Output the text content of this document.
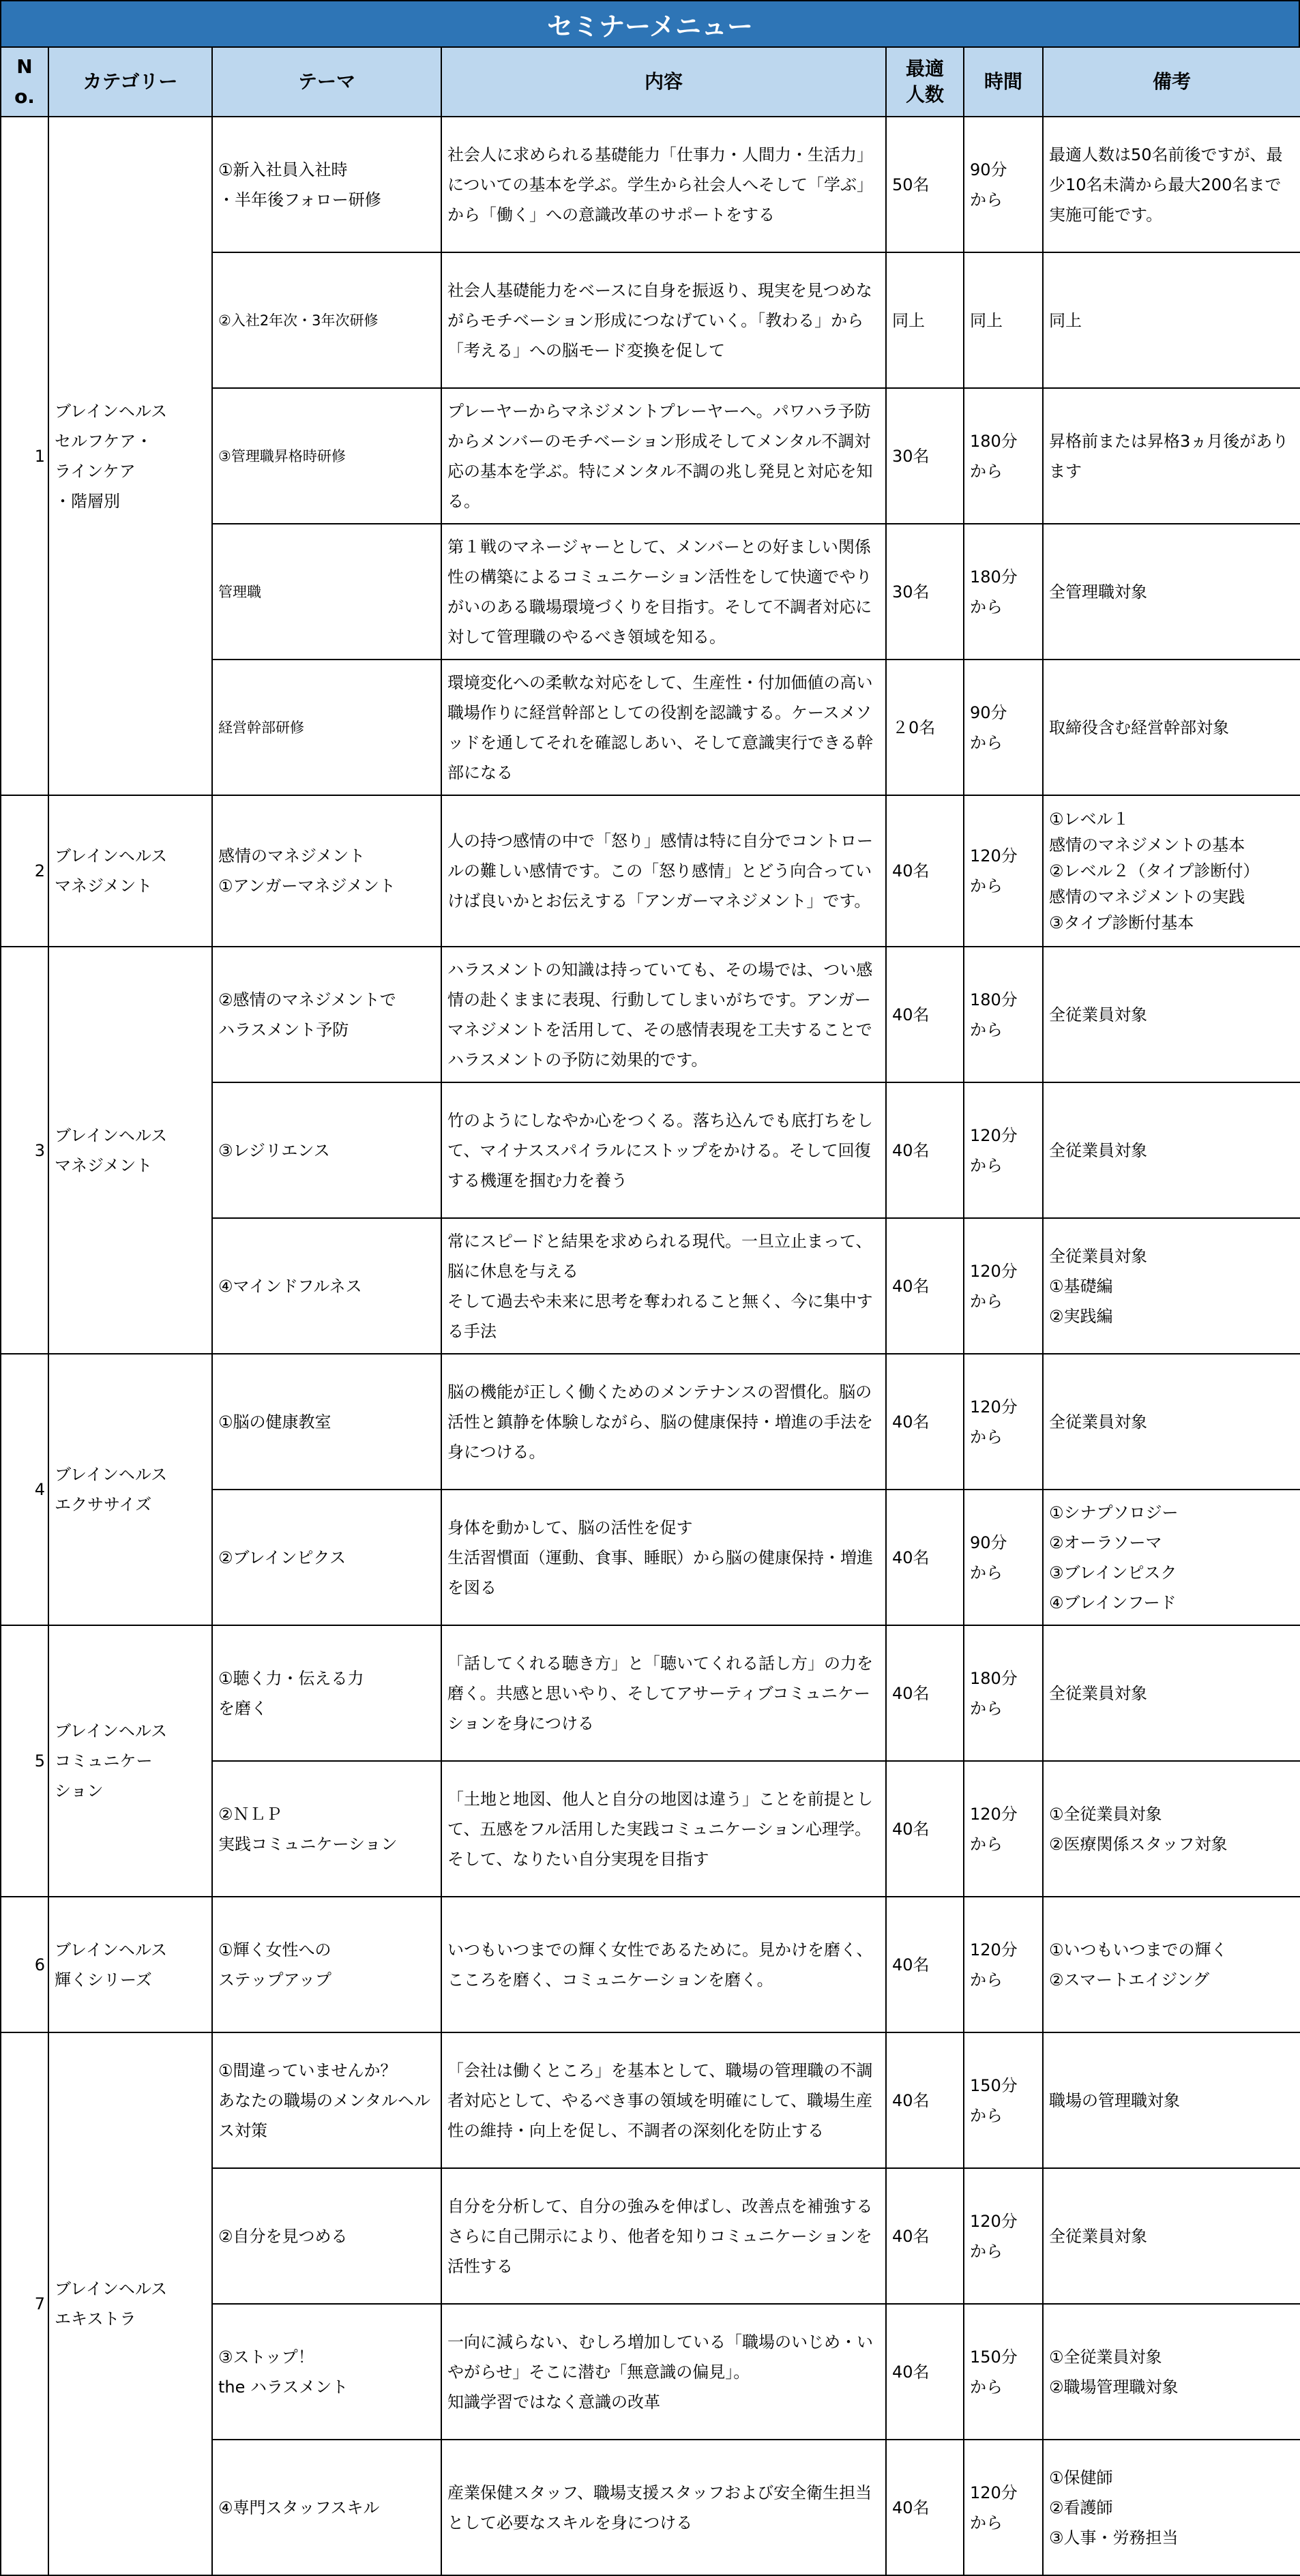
セミナーメニュー
No.	カテゴリー	テーマ	内容	最適
人数	時間	備考
1	ブレインヘルス
セルフケア・
ラインケア
・階層別	①新入社員入社時
・半年後フォロー研修	社会人に求められる基礎能力「仕事力・人間力・生活力」についての基本を学ぶ。学生から社会人へそして「学ぶ」から「働く」への意識改革のサポートをする	50名	90分
から	最適人数は50名前後ですが、最少10名未満から最大200名まで実施可能です。
		②入社2年次・3年次研修	社会人基礎能力をベースに自身を振返り、現実を見つめながらモチベーション形成につなげていく。「教わる」から「考える」への脳モード変換を促して	同上	同上	同上
		③管理職昇格時研修	プレーヤーからマネジメントプレーヤーへ。パワハラ予防からメンバーのモチベーション形成そしてメンタル不調対応の基本を学ぶ。特にメンタル不調の兆し発見と対応を知る。	30名	180分
から	昇格前または昇格3ヵ月後があります
		管理職	第１戦のマネージャーとして、メンバーとの好ましい関係性の構築によるコミュニケーション活性をして快適でやりがいのある職場環境づくりを目指す。そして不調者対応に対して管理職のやるべき領域を知る。	30名	180分
から	全管理職対象
		経営幹部研修	環境変化への柔軟な対応をして、生産性・付加価値の高い職場作りに経営幹部としての役割を認識する。ケースメソッドを通してそれを確認しあい、そして意識実行できる幹部になる	２0名	90分
から	取締役含む経営幹部対象
2	ブレインヘルス
マネジメント	感情のマネジメント
①アンガーマネジメント	人の持つ感情の中で「怒り」感情は特に自分でコントロールの難しい感情です。この「怒り感情」とどう向合っていけば良いかとお伝えする「アンガーマネジメント」です。	40名	120分
から	①レベル１
感情のマネジメントの基本
②レベル２（タイプ診断付）
感情のマネジメントの実践
③タイプ診断付基本
3	ブレインヘルス
マネジメント	②感情のマネジメントで
ハラスメント予防	ハラスメントの知識は持っていても、その場では、つい感情の赴くままに表現、行動してしまいがちです。アンガーマネジメントを活用して、その感情表現を工夫することでハラスメントの予防に効果的です。	40名	180分
から	全従業員対象
		③レジリエンス	竹のようにしなやか心をつくる。落ち込んでも底打ちをして、マイナススパイラルにストップをかける。そして回復する機運を掴む力を養う	40名	120分
から	全従業員対象
		④マインドフルネス	常にスピードと結果を求められる現代。一旦立止まって、脳に休息を与える
そして過去や未来に思考を奪われること無く、今に集中する手法	40名	120分
から	全従業員対象
①基礎編
②実践編
4	ブレインヘルス
エクササイズ	①脳の健康教室	脳の機能が正しく働くためのメンテナンスの習慣化。脳の活性と鎮静を体験しながら、脳の健康保持・増進の手法を身につける。	40名	120分
から	全従業員対象
		②ブレインピクス	身体を動かして、脳の活性を促す
生活習慣面（運動、食事、睡眠）から脳の健康保持・増進を図る	40名	90分
から	①シナプソロジー
②オーラソーマ
③ブレインピスク
④ブレインフード
5	ブレインヘルス
コミュニケー
ション	①聴く力・伝える力
を磨く	「話してくれる聴き方」と「聴いてくれる話し方」の力を磨く。共感と思いやり、そしてアサーティブコミュニケーションを身につける	40名	180分
から	全従業員対象
		②ＮＬＰ
実践コミュニケーション	「土地と地図、他人と自分の地図は違う」ことを前提として、五感をフル活用した実践コミュニケーション心理学。そして、なりたい自分実現を目指す	40名	120分
から	①全従業員対象
②医療関係スタッフ対象
6	ブレインヘルス
輝くシリーズ	①輝く女性への
ステップアップ	いつもいつまでの輝く女性であるために。見かけを磨く、こころを磨く、コミュニケーションを磨く。	40名	120分
から	①いつもいつまでの輝く
②スマートエイジング
7	ブレインヘルス
エキストラ	①間違っていませんか？
あなたの職場のメンタルヘルス対策	「会社は働くところ」を基本として、職場の管理職の不調者対応として、やるべき事の領域を明確にして、職場生産性の維持・向上を促し、不調者の深刻化を防止する	40名	150分
から	職場の管理職対象
		②自分を見つめる	自分を分析して、自分の強みを伸ばし、改善点を補強する
さらに自己開示により、他者を知りコミュニケーションを活性する	40名	120分
から	全従業員対象
		③ストップ！
the ハラスメント	一向に減らない、むしろ増加している「職場のいじめ・いやがらせ」そこに潜む「無意識の偏見」。
知識学習ではなく意識の改革	40名	150分
から	①全従業員対象
②職場管理職対象
		④専門スタッフスキル	産業保健スタッフ、職場支援スタッフおよび安全衛生担当として必要なスキルを身につける	40名	120分
から	①保健師
②看護師
③人事・労務担当
